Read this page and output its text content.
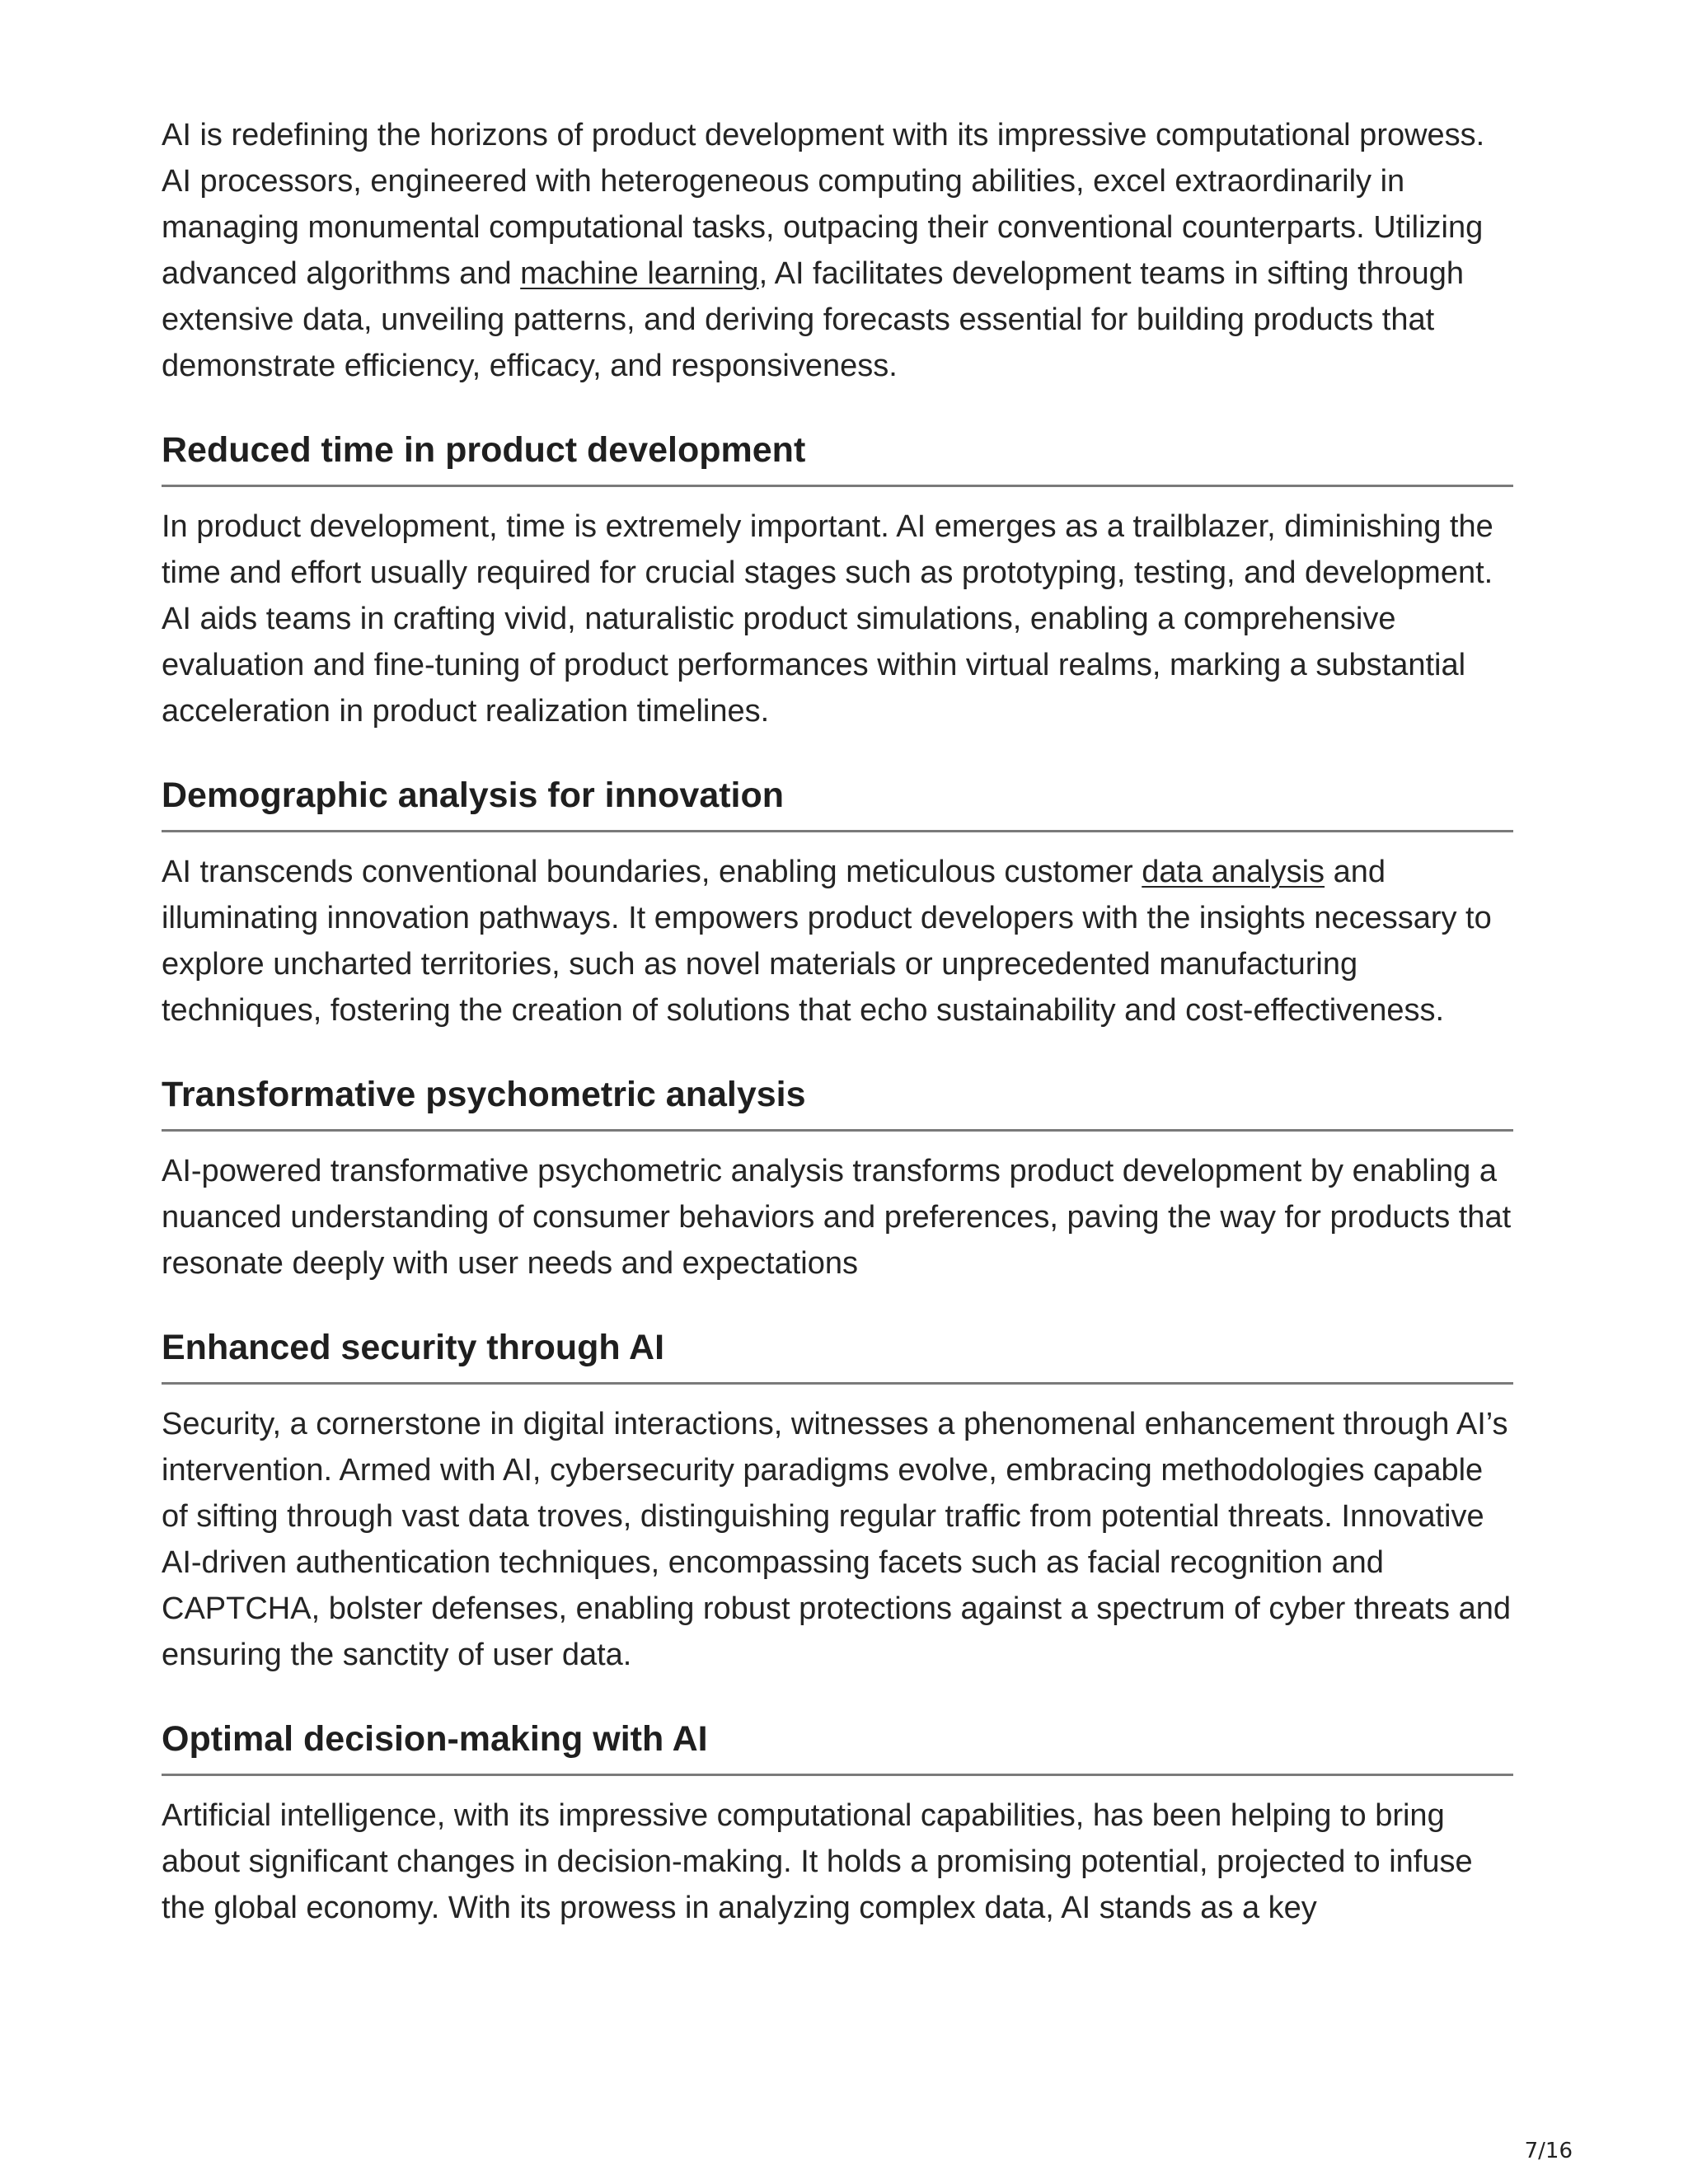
AI is redefining the horizons of product development with its impressive computational prowess. AI processors, engineered with heterogeneous computing abilities, excel extraordinarily in managing monumental computational tasks, outpacing their conventional counterparts. Utilizing advanced algorithms and machine learning, AI facilitates development teams in sifting through extensive data, unveiling patterns, and deriving forecasts essential for building products that demonstrate efficiency, efficacy, and responsiveness.

Reduced time in product development

In product development, time is extremely important. AI emerges as a trailblazer, diminishing the time and effort usually required for crucial stages such as prototyping, testing, and development. AI aids teams in crafting vivid, naturalistic product simulations, enabling a comprehensive evaluation and fine-tuning of product performances within virtual realms, marking a substantial acceleration in product realization timelines.

Demographic analysis for innovation

AI transcends conventional boundaries, enabling meticulous customer data analysis and illuminating innovation pathways. It empowers product developers with the insights necessary to explore uncharted territories, such as novel materials or unprecedented manufacturing techniques, fostering the creation of solutions that echo sustainability and cost-effectiveness.

Transformative psychometric analysis

AI-powered transformative psychometric analysis transforms product development by enabling a nuanced understanding of consumer behaviors and preferences, paving the way for products that resonate deeply with user needs and expectations

Enhanced security through AI

Security, a cornerstone in digital interactions, witnesses a phenomenal enhancement through AI’s intervention. Armed with AI, cybersecurity paradigms evolve, embracing methodologies capable of sifting through vast data troves, distinguishing regular traffic from potential threats. Innovative AI-driven authentication techniques, encompassing facets such as facial recognition and CAPTCHA, bolster defenses, enabling robust protections against a spectrum of cyber threats and ensuring the sanctity of user data.

Optimal decision-making with AI

Artificial intelligence, with its impressive computational capabilities, has been helping to bring about significant changes in decision-making. It holds a promising potential, projected to infuse the global economy. With its prowess in analyzing complex data, AI stands as a key

7/16
